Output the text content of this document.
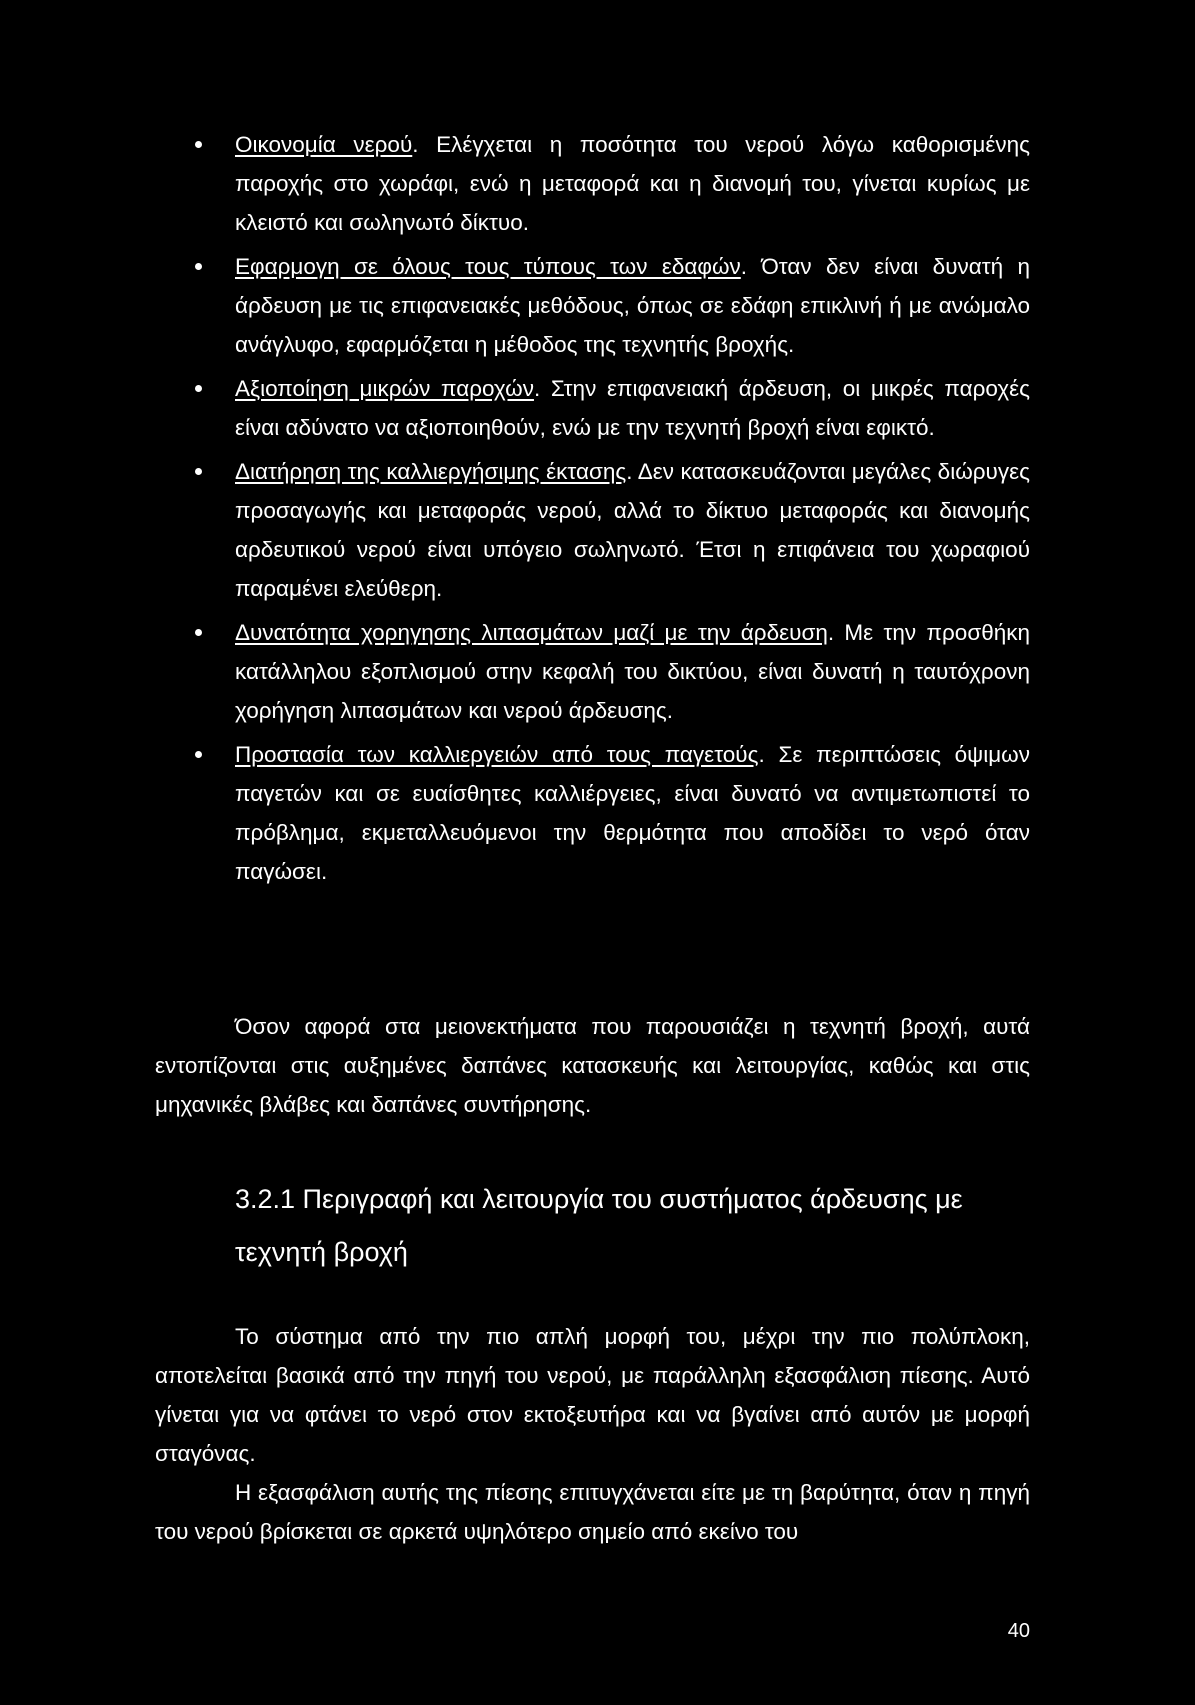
Οικονομία νερού. Ελέγχεται η ποσότητα του νερού λόγω καθορισμένης παροχής στο χωράφι, ενώ η μεταφορά και η διανομή του, γίνεται κυρίως με κλειστό και σωληνωτό δίκτυο.
Εφαρμογη σε όλους τους τύπους των εδαφών. Όταν δεν είναι δυνατή η άρδευση με τις επιφανειακές μεθόδους, όπως σε εδάφη επικλινή ή με ανώμαλο ανάγλυφο, εφαρμόζεται η μέθοδος της τεχνητής βροχής.
Αξιοποίηση μικρών παροχών. Στην επιφανειακή άρδευση, οι μικρές παροχές είναι αδύνατο να αξιοποιηθούν, ενώ με την τεχνητή βροχή είναι εφικτό.
Διατήρηση της καλλιεργήσιμης έκτασης. Δεν κατασκευάζονται μεγάλες διώρυγες προσαγωγής και μεταφοράς νερού, αλλά το δίκτυο μεταφοράς και διανομής αρδευτικού νερού είναι υπόγειο σωληνωτό. Έτσι η επιφάνεια του χωραφιού παραμένει ελεύθερη.
Δυνατότητα χορηγησης λιπασμάτων μαζί με την άρδευση. Με την προσθήκη κατάλληλου εξοπλισμού στην κεφαλή του δικτύου, είναι δυνατή η ταυτόχρονη χορήγηση λιπασμάτων και νερού άρδευσης.
Προστασία των καλλιεργειών από τους παγετούς. Σε περιπτώσεις όψιμων παγετών και σε ευαίσθητες καλλιέργειες, είναι δυνατό να αντιμετωπιστεί το πρόβλημα, εκμεταλλευόμενοι την θερμότητα που αποδίδει το νερό όταν παγώσει.

Όσον αφορά στα μειονεκτήματα που παρουσιάζει η τεχνητή βροχή, αυτά εντοπίζονται στις αυξημένες δαπάνες κατασκευής και λειτουργίας, καθώς και στις μηχανικές βλάβες και δαπάνες συντήρησης.

3.2.1 Περιγραφή και λειτουργία του συστήματος άρδευσης με τεχνητή βροχή

Το σύστημα από την πιο απλή μορφή του, μέχρι την πιο πολύπλοκη, αποτελείται βασικά από την πηγή του νερού, με παράλληλη εξασφάλιση πίεσης. Αυτό γίνεται για να φτάνει το νερό στον εκτοξευτήρα και να βγαίνει από αυτόν με μορφή σταγόνας.

Η εξασφάλιση αυτής της πίεσης επιτυγχάνεται είτε με τη βαρύτητα, όταν η πηγή του νερού βρίσκεται σε αρκετά υψηλότερο σημείο από εκείνο του

40
